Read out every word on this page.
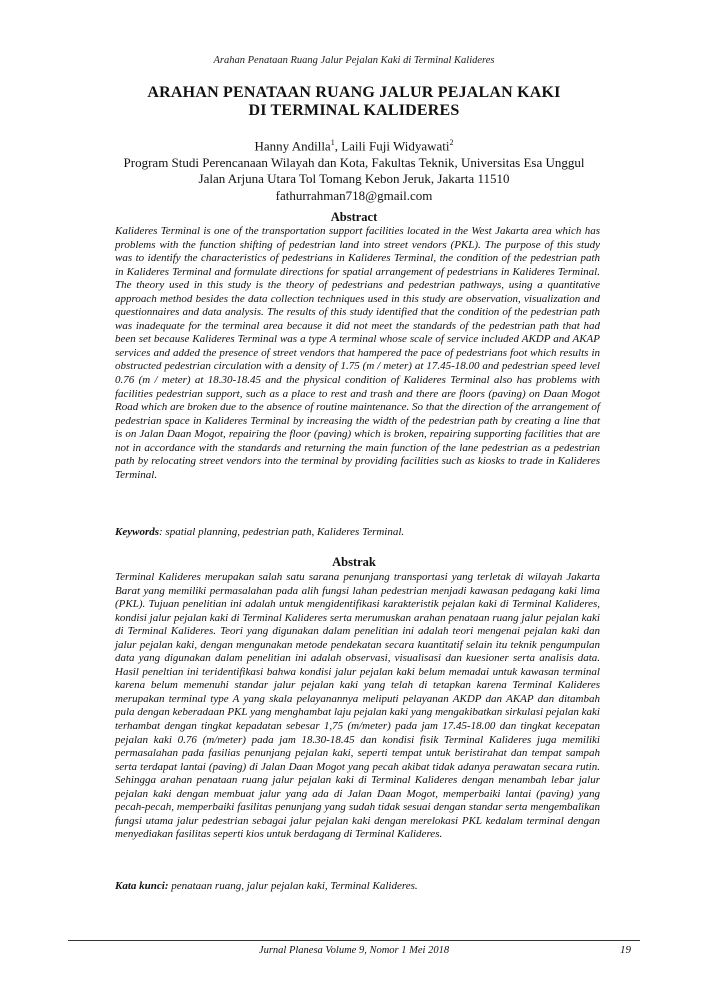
Arahan Penataan Ruang Jalur Pejalan Kaki di Terminal Kalideres
ARAHAN PENATAAN RUANG JALUR PEJALAN KAKI
DI TERMINAL KALIDERES
Hanny Andilla$^1$, Laili Fuji Widyawati$^2$
Program Studi Perencanaan Wilayah dan Kota, Fakultas Teknik, Universitas Esa Unggul
Jalan Arjuna Utara Tol Tomang Kebon Jeruk, Jakarta 11510
fathurrahman718@gmail.com
Abstract

Kalideres Terminal is one of the transportation support facilities located in the West Jakarta area which has problems with the function shifting of pedestrian land into street vendors (PKL). The purpose of this study was to identify the characteristics of pedestrians in Kalideres Terminal, the condition of the pedestrian path in Kalideres Terminal and formulate directions for spatial arrangement of pedestrians in Kalideres Terminal. The theory used in this study is the theory of pedestrians and pedestrian pathways, using a quantitative approach method besides the data collection techniques used in this study are observation, visualization and questionnaires and data analysis. The results of this study identified that the condition of the pedestrian path was inadequate for the terminal area because it did not meet the standards of the pedestrian path that had been set because Kalideres Terminal was a type A terminal whose scale of service included AKDP and AKAP services and added the presence of street vendors that hampered the pace of pedestrians foot which results in obstructed pedestrian circulation with a density of 1.75 (m / meter) at 17.45-18.00 and pedestrian speed level 0.76 (m / meter) at 18.30-18.45 and the physical condition of Kalideres Terminal also has problems with facilities pedestrian support, such as a place to rest and trash and there are floors (paving) on Daan Mogot Road which are broken due to the absence of routine maintenance. So that the direction of the arrangement of pedestrian space in Kalideres Terminal by increasing the width of the pedestrian path by creating a line that is on Jalan Daan Mogot, repairing the floor (paving) which is broken, repairing supporting facilities that are not in accordance with the standards and returning the main function of the lane pedestrian as a pedestrian path by relocating street vendors into the terminal by providing facilities such as kiosks to trade in Kalideres Terminal.

Keywords: spatial planning, pedestrian path, Kalideres Terminal.
Abstrak

Terminal Kalideres merupakan salah satu sarana penunjang transportasi yang terletak di wilayah Jakarta Barat yang memiliki permasalahan pada alih fungsi lahan pedestrian menjadi kawasan pedagang kaki lima (PKL). Tujuan penelitian ini adalah untuk mengidentifikasi karakteristik pejalan kaki di Terminal Kalideres, kondisi jalur pejalan kaki di Terminal Kalideres serta merumuskan arahan penataan ruang jalur pejalan kaki di Terminal Kalideres. Teori yang digunakan dalam penelitian ini adalah teori mengenai pejalan kaki dan jalur pejalan kaki, dengan mengunakan metode pendekatan secara kuantitatif selain itu teknik pengumpulan data yang digunakan dalam penelitian ini adalah observasi, visualisasi dan kuesioner serta analisis data. Hasil peneltian ini teridentifikasi bahwa kondisi jalur pejalan kaki belum memadai untuk kawasan terminal karena belum memenuhi standar jalur pejalan kaki yang telah di tetapkan karena Terminal Kalideres merupakan terminal type A yang skala pelayanannya meliputi pelayanan AKDP dan AKAP dan ditambah pula dengan keberadaan PKL yang menghambat laju pejalan kaki yang mengakibatkan sirkulasi pejalan kaki terhambat dengan tingkat kepadatan sebesar 1,75 (m/meter) pada jam 17.45-18.00 dan tingkat kecepatan pejalan kaki 0.76 (m/meter) pada jam 18.30-18.45 dan kondisi fisik Terminal Kalideres juga memiliki permasalahan pada fasilias penunjang pejalan kaki, seperti tempat untuk beristirahat dan tempat sampah serta terdapat lantai (paving) di Jalan Daan Mogot yang pecah akibat tidak adanya perawatan secara rutin. Sehingga arahan penataan ruang jalur pejalan kaki di Terminal Kalideres dengan menambah lebar jalur pejalan kaki dengan membuat jalur yang ada di Jalan Daan Mogot, memperbaiki lantai (paving) yang pecah-pecah, memperbaiki fasilitas penunjang yang sudah tidak sesuai dengan standar serta mengembalikan fungsi utama jalur pedestrian sebagai jalur pejalan kaki dengan merelokasi PKL kedalam terminal dengan menyediakan fasilitas seperti kios untuk berdagang di Terminal Kalideres.

Kata kunci: penataan ruang, jalur pejalan kaki, Terminal Kalideres.
Jurnal Planesa Volume 9, Nomor 1 Mei 2018	19
